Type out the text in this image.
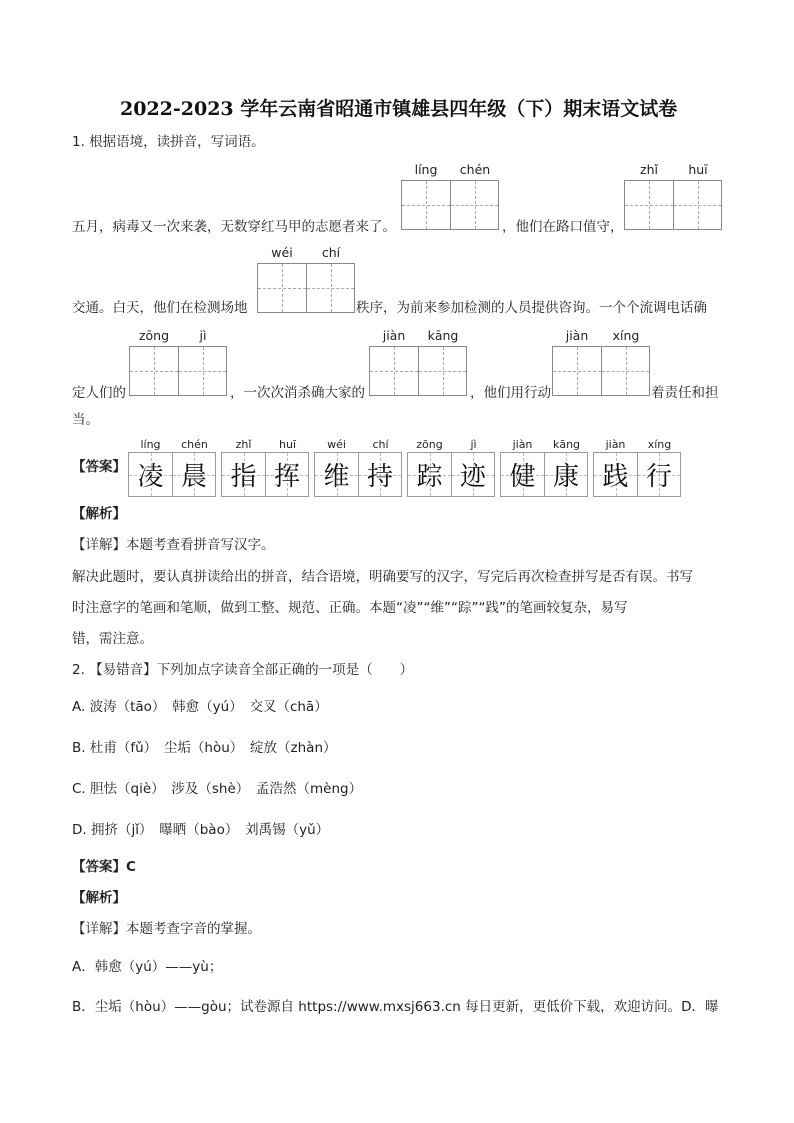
2022-2023 学年云南省昭通市镇雄县四年级（下）期末语文试卷
1. 根据语境，读拼音，写词语。
líng	chén	zhǐ	huī
五月，病毒又一次来袭，无数穿红马甲的志愿者来了。	，他们在路口值守，
wéi	chí
交通。白天，他们在检测场地	秩序，为前来参加检测的人员提供咨询。一个个流调电话确
zōng	jì	jiàn	kāng	jiàn	xíng
定人们的	，一次次消杀确大家的	，他们用行动	着责任和担
当。
【答案】
líng	chén
凌 晨
zhǐ	huī
指 挥
wéi	chí
维 持
zōng	jì
踪 迹
jiàn	kāng
健 康
jiàn	xíng
践 行
【解析】
【详解】本题考查看拼音写汉字。
解决此题时，要认真拼读给出的拼音，结合语境，明确要写的汉字，写完后再次检查拼写是否有误。书写
时注意字的笔画和笔顺，做到工整、规范、正确。本题“凌”“维”“踪”“践”的笔画较复杂，易写
错，需注意。
2. 【易错音】下列加点字读音全部正确的一项是（　　）
A. 波涛（tāo）　韩愈（yú）　交叉（chā）
B. 杜甫（fǔ）　尘垢（hòu）　绽放（zhàn）
C. 胆怯（qiè）　涉及（shè）　孟浩然（mèng）
D. 拥挤（jǐ）　曝晒（bào）　刘禹锡（yǔ）
【答案】C
【解析】
【详解】本题考查字音的掌握。
A．韩愈（yú）——yù；
B．尘垢（hòu）——gòu；试卷源自 https://www.mxsj663.cn 每日更新，更低价下载，欢迎访问。D．曝
